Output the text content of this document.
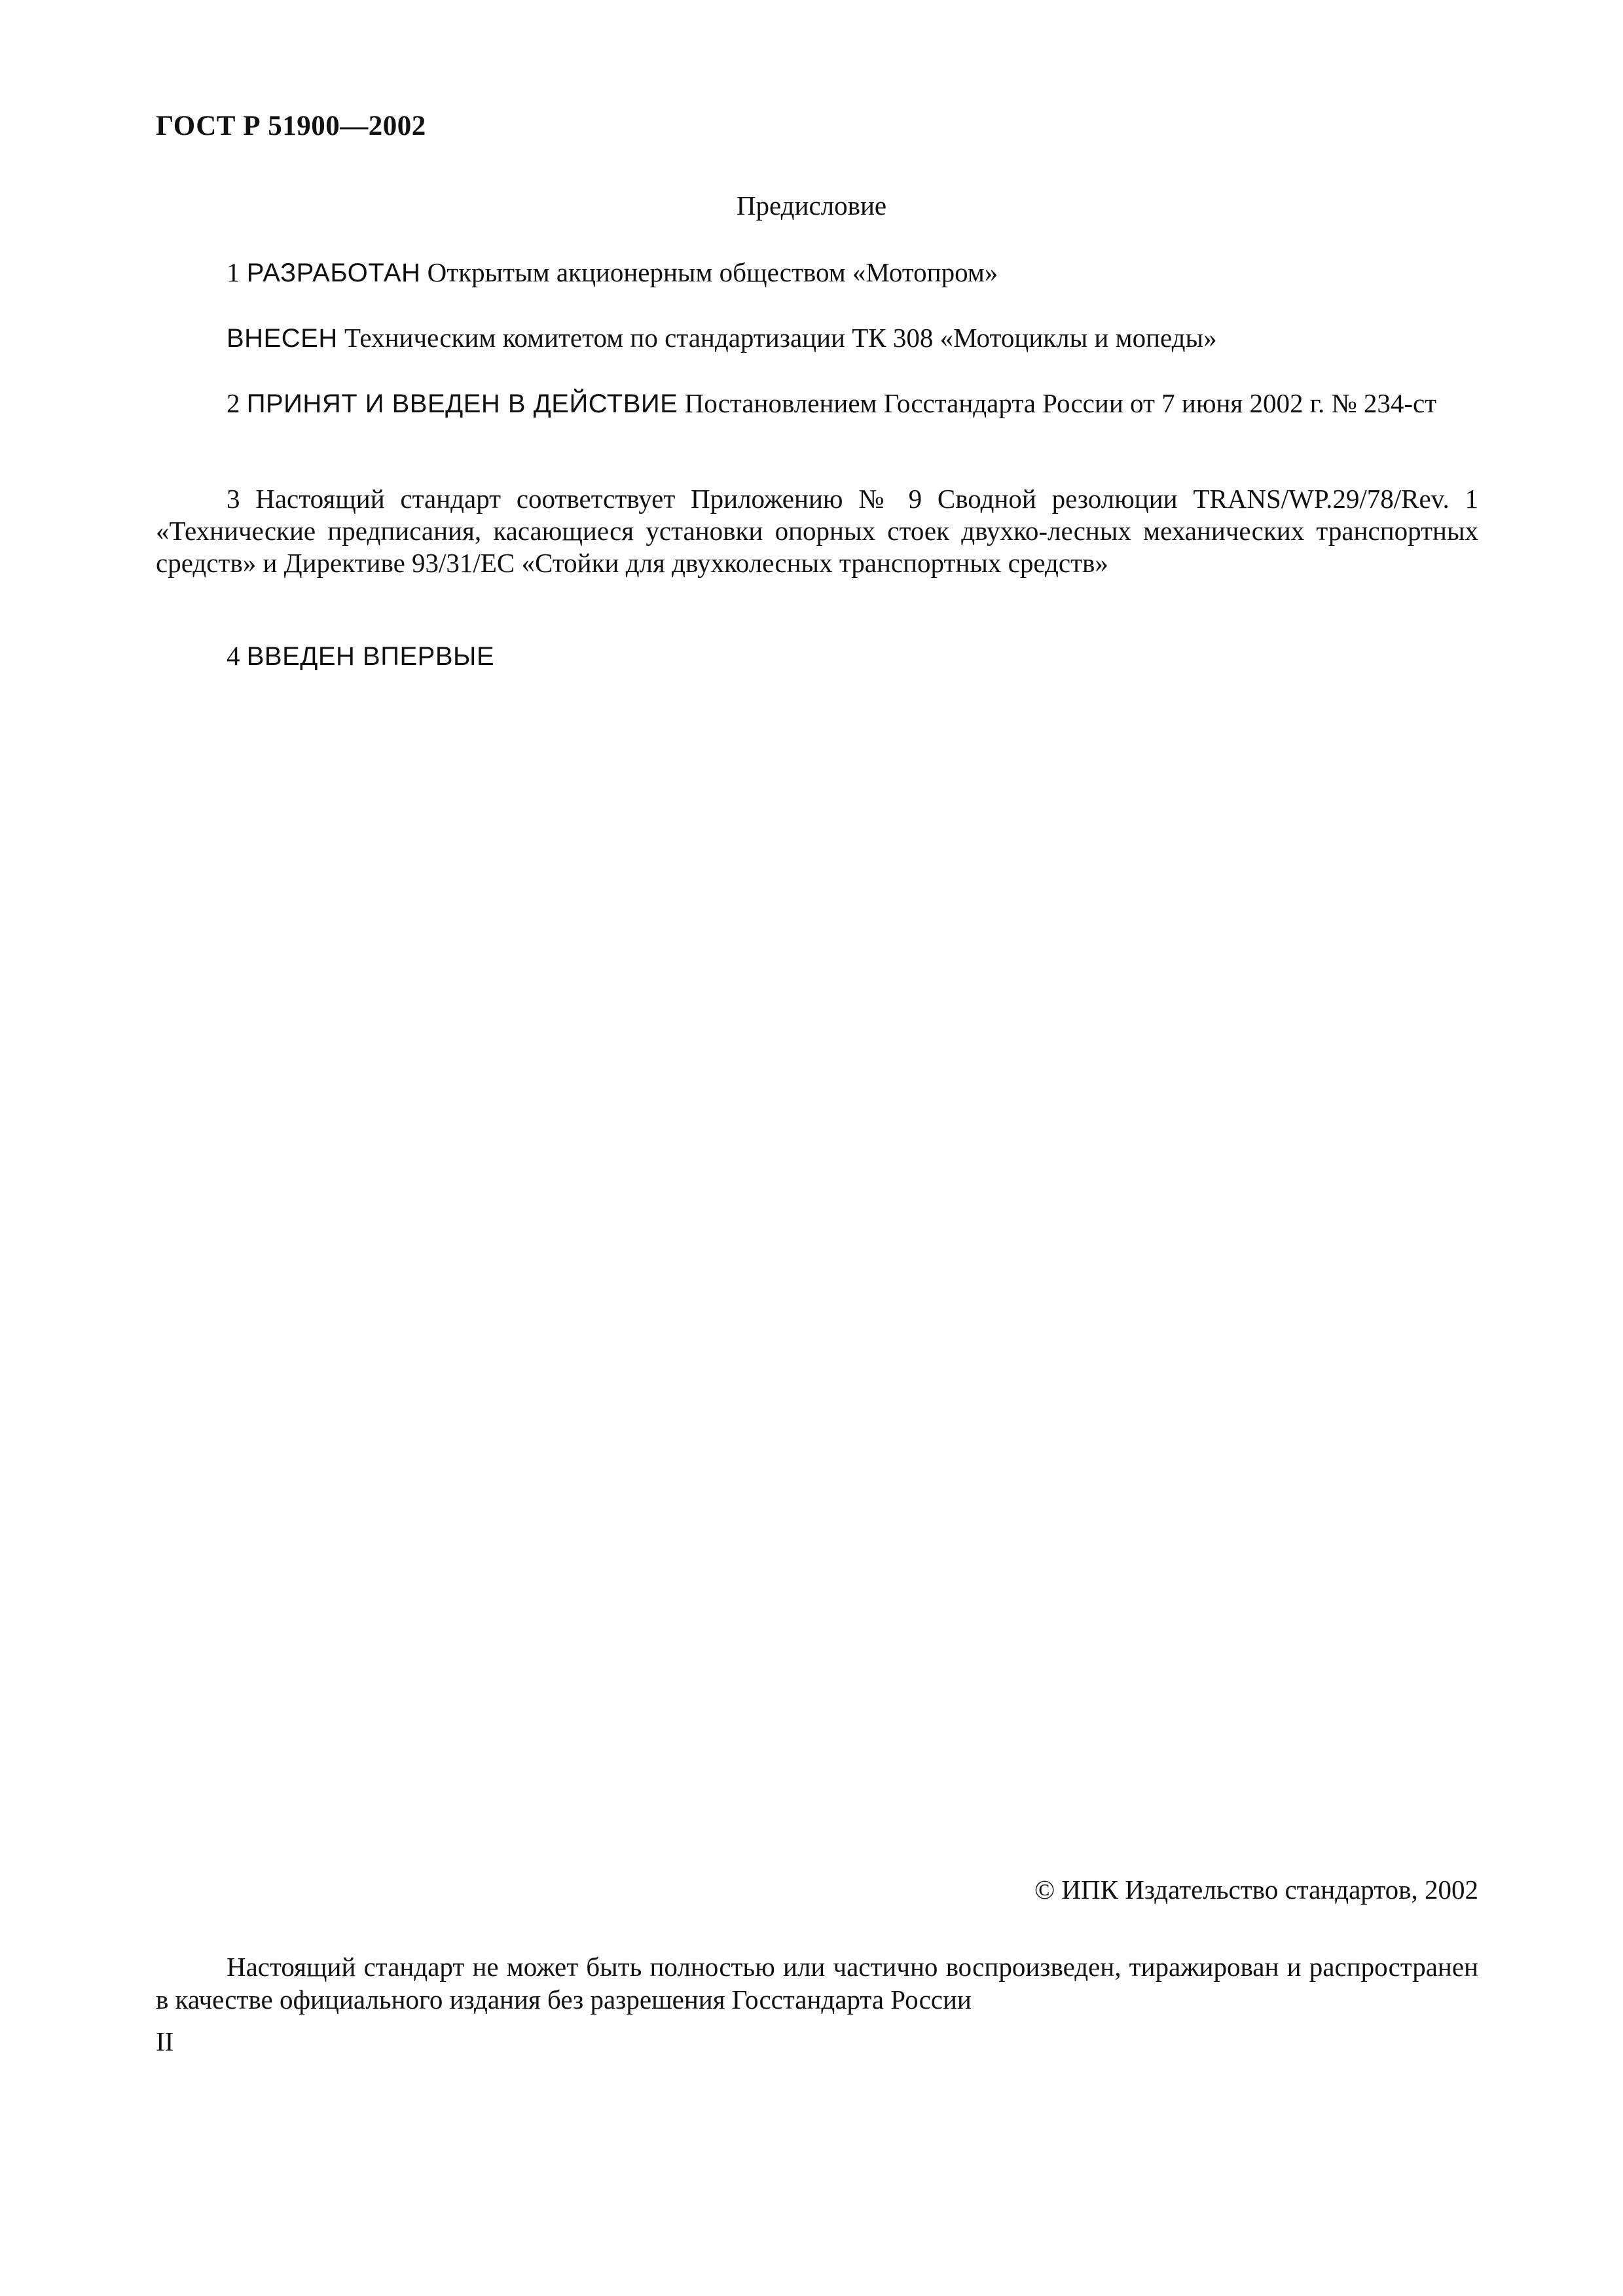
ГОСТ Р 51900—2002
Предисловие
1 РАЗРАБОТАН Открытым акционерным обществом «Мотопром»
ВНЕСЕН Техническим комитетом по стандартизации ТК 308 «Мотоциклы и мопеды»
2 ПРИНЯТ И ВВЕДЕН В ДЕЙСТВИЕ Постановлением Госстандарта России от 7 июня 2002 г. № 234-ст
3 Настоящий стандарт соответствует Приложению № 9 Сводной резолюции TRANS/WP.29/78/Rev. 1 «Технические предписания, касающиеся установки опорных стоек двухко-лесных механических транспортных средств» и Директиве 93/31/ЕС «Стойки для двухколесных транспортных средств»
4 ВВЕДЕН ВПЕРВЫЕ
© ИПК Издательство стандартов, 2002
Настоящий стандарт не может быть полностью или частично воспроизведен, тиражирован и распространен в качестве официального издания без разрешения Госстандарта России
II
